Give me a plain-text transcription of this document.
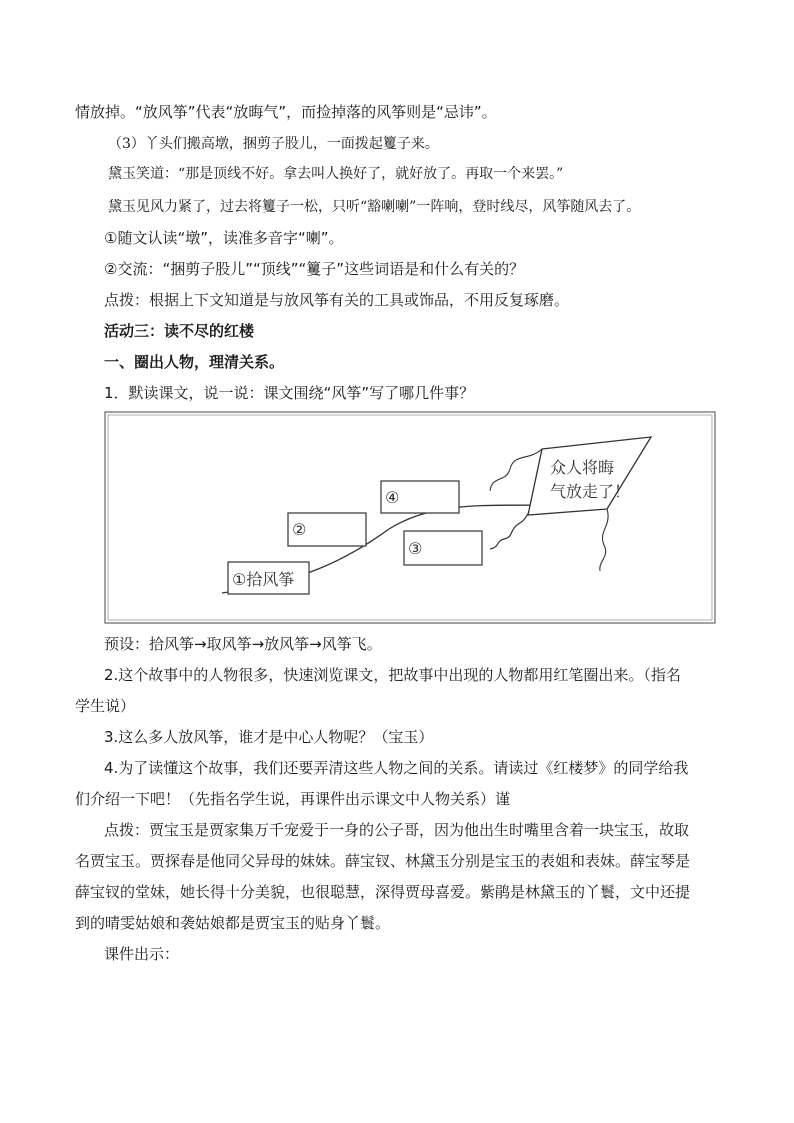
情放掉。“放风筝”代表“放晦气”，而捡掉落的风筝则是“忌讳”。
（3）丫头们搬高墩，捆剪子股儿，一面拨起籰子来。
黛玉笑道：“那是顶线不好。拿去叫人换好了，就好放了。再取一个来罢。”
黛玉见风力紧了，过去将籰子一松，只听“豁喇喇”一阵响，登时线尽，风筝随风去了。
①随文认读“墩”，读准多音字“喇”。
②交流：“捆剪子股儿”“顶线”“籰子”这些词语是和什么有关的？
点拨：根据上下文知道是与放风筝有关的工具或饰品，不用反复琢磨。
活动三：读不尽的红楼
一、圈出人物，理清关系。
1．默读课文，说一说：课文围绕“风筝”写了哪几件事？
①拾风筝
②
③
④
众人将晦
气放走了！
预设：拾风筝→取风筝→放风筝→风筝飞。
2.这个故事中的人物很多，快速浏览课文，把故事中出现的人物都用红笔圈出来。（指名
学生说）
3.这么多人放风筝，谁才是中心人物呢？（宝玉）
4.为了读懂这个故事，我们还要弄清这些人物之间的关系。请读过《红楼梦》的同学给我
们介绍一下吧！（先指名学生说，再课件出示课文中人物关系）谨
点拨：贾宝玉是贾家集万千宠爱于一身的公子哥，因为他出生时嘴里含着一块宝玉，故取
名贾宝玉。贾探春是他同父异母的妹妹。薛宝钗、林黛玉分别是宝玉的表姐和表妹。薛宝琴是
薛宝钗的堂妹，她长得十分美貌，也很聪慧，深得贾母喜爱。紫鹃是林黛玉的丫鬟，文中还提
到的晴雯姑娘和袭姑娘都是贾宝玉的贴身丫鬟。
课件出示：
